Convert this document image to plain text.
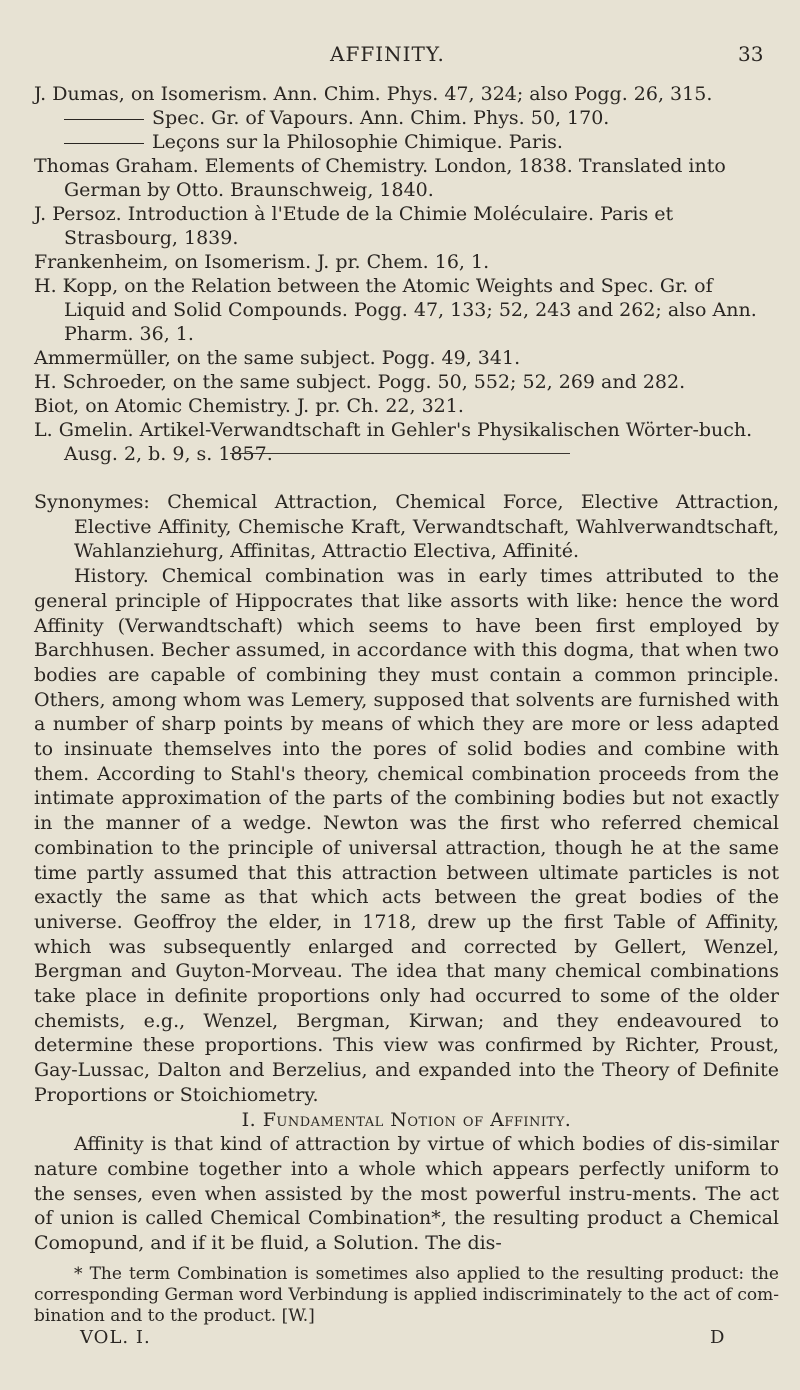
AFFINITY.	33

J. Dumas, on Isomerism. Ann. Chim. Phys. 47, 324; also Pogg. 26, 315.

Spec. Gr. of Vapours. Ann. Chim. Phys. 50, 170.

Leçons sur la Philosophie Chimique. Paris.

Thomas Graham. Elements of Chemistry. London, 1838. Translated into German by Otto. Braunschweig, 1840.

J. Persoz. Introduction à l'Etude de la Chimie Moléculaire. Paris et Strasbourg, 1839.

Frankenheim, on Isomerism. J. pr. Chem. 16, 1.

H. Kopp, on the Relation between the Atomic Weights and Spec. Gr. of Liquid and Solid Compounds. Pogg. 47, 133; 52, 243 and 262; also Ann. Pharm. 36, 1.

Ammermüller, on the same subject. Pogg. 49, 341.

H. Schroeder, on the same subject. Pogg. 50, 552; 52, 269 and 282.

Biot, on Atomic Chemistry. J. pr. Ch. 22, 321.

L. Gmelin. Artikel-Verwandtschaft in Gehler's Physikalischen Wörter-buch. Ausg. 2, b. 9, s. 1857.

Synonymes: Chemical Attraction, Chemical Force, Elective Attraction, Elective Affinity, Chemische Kraft, Verwandtschaft, Wahlverwandtschaft, Wahlanziehurg, Affinitas, Attractio Electiva, Affinité.

History. Chemical combination was in early times attributed to the general principle of Hippocrates that like assorts with like: hence the word Affinity (Verwandtschaft) which seems to have been first employed by Barchhusen. Becher assumed, in accordance with this dogma, that when two bodies are capable of combining they must contain a common principle. Others, among whom was Lemery, supposed that solvents are furnished with a number of sharp points by means of which they are more or less adapted to insinuate themselves into the pores of solid bodies and combine with them. According to Stahl's theory, chemical combination proceeds from the intimate approximation of the parts of the combining bodies but not exactly in the manner of a wedge. Newton was the first who referred chemical combination to the principle of universal attraction, though he at the same time partly assumed that this attraction between ultimate particles is not exactly the same as that which acts between the great bodies of the universe. Geoffroy the elder, in 1718, drew up the first Table of Affinity, which was subsequently enlarged and corrected by Gellert, Wenzel, Bergman and Guyton-Morveau. The idea that many chemical combinations take place in definite proportions only had occurred to some of the older chemists, e.g., Wenzel, Bergman, Kirwan; and they endeavoured to determine these proportions. This view was confirmed by Richter, Proust, Gay-Lussac, Dalton and Berzelius, and expanded into the Theory of Definite Proportions or Stoichiometry.

I. Fundamental Notion of Affinity.

Affinity is that kind of attraction by virtue of which bodies of dis-similar nature combine together into a whole which appears perfectly uniform to the senses, even when assisted by the most powerful instru-ments. The act of union is called Chemical Combination*, the resulting product a Chemical Comopund, and if it be fluid, a Solution. The dis-

* The term Combination is sometimes also applied to the resulting product: the corresponding German word Verbindung is applied indiscriminately to the act of com-bination and to the product. [W.]

VOL. I.	D
